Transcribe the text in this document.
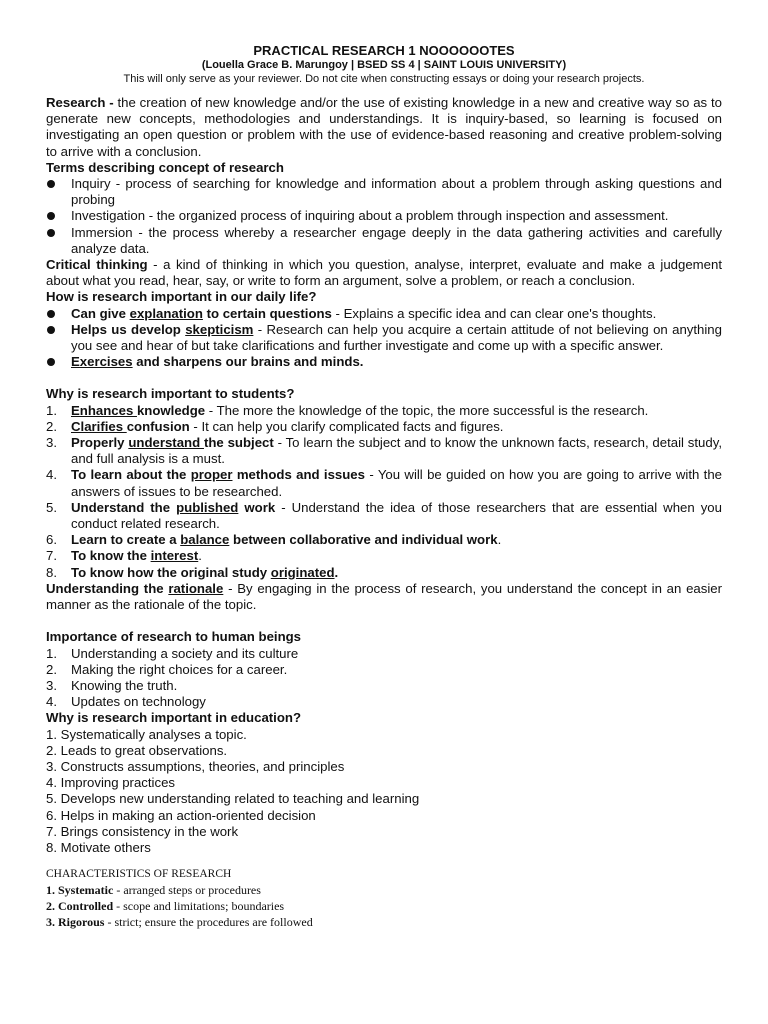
PRACTICAL RESEARCH 1 NOOOOOOTES
(Louella Grace B. Marungoy | BSED SS 4 | SAINT LOUIS UNIVERSITY)
This will only serve as your reviewer. Do not cite when constructing essays or doing your research projects.
Research - the creation of new knowledge and/or the use of existing knowledge in a new and creative way so as to generate new concepts, methodologies and understandings. It is inquiry-based, so learning is focused on investigating an open question or problem with the use of evidence-based reasoning and creative problem-solving to arrive with a conclusion.
Terms describing concept of research
Inquiry - process of searching for knowledge and information about a problem through asking questions and probing
Investigation - the organized process of inquiring about a problem through inspection and assessment.
Immersion - the process whereby a researcher engage deeply in the data gathering activities and carefully analyze data.
Critical thinking - a kind of thinking in which you question, analyse, interpret, evaluate and make a judgement about what you read, hear, say, or write to form an argument, solve a problem, or reach a conclusion.
How is research important in our daily life?
Can give explanation to certain questions - Explains a specific idea and can clear one's thoughts.
Helps us develop skepticism - Research can help you acquire a certain attitude of not believing on anything you see and hear of but take clarifications and further investigate and come up with a specific answer.
Exercises and sharpens our brains and minds.
Why is research important to students?
1. Enhances knowledge - The more the knowledge of the topic, the more successful is the research.
2. Clarifies confusion - It can help you clarify complicated facts and figures.
3. Properly understand the subject - To learn the subject and to know the unknown facts, research, detail study, and full analysis is a must.
4. To learn about the proper methods and issues - You will be guided on how you are going to arrive with the answers of issues to be researched.
5. Understand the published work - Understand the idea of those researchers that are essential when you conduct related research.
6. Learn to create a balance between collaborative and individual work.
7. To know the interest.
8. To know how the original study originated.
Understanding the rationale - By engaging in the process of research, you understand the concept in an easier manner as the rationale of the topic.
Importance of research to human beings
1. Understanding a society and its culture
2. Making the right choices for a career.
3. Knowing the truth.
4. Updates on technology
Why is research important in education?
1. Systematically analyses a topic.
2. Leads to great observations.
3. Constructs assumptions, theories, and principles
4. Improving practices
5. Develops new understanding related to teaching and learning
6. Helps in making an action-oriented decision
7. Brings consistency in the work
8. Motivate others
CHARACTERISTICS OF RESEARCH
1. Systematic - arranged steps or procedures
2. Controlled - scope and limitations; boundaries
3. Rigorous - strict; ensure the procedures are followed
